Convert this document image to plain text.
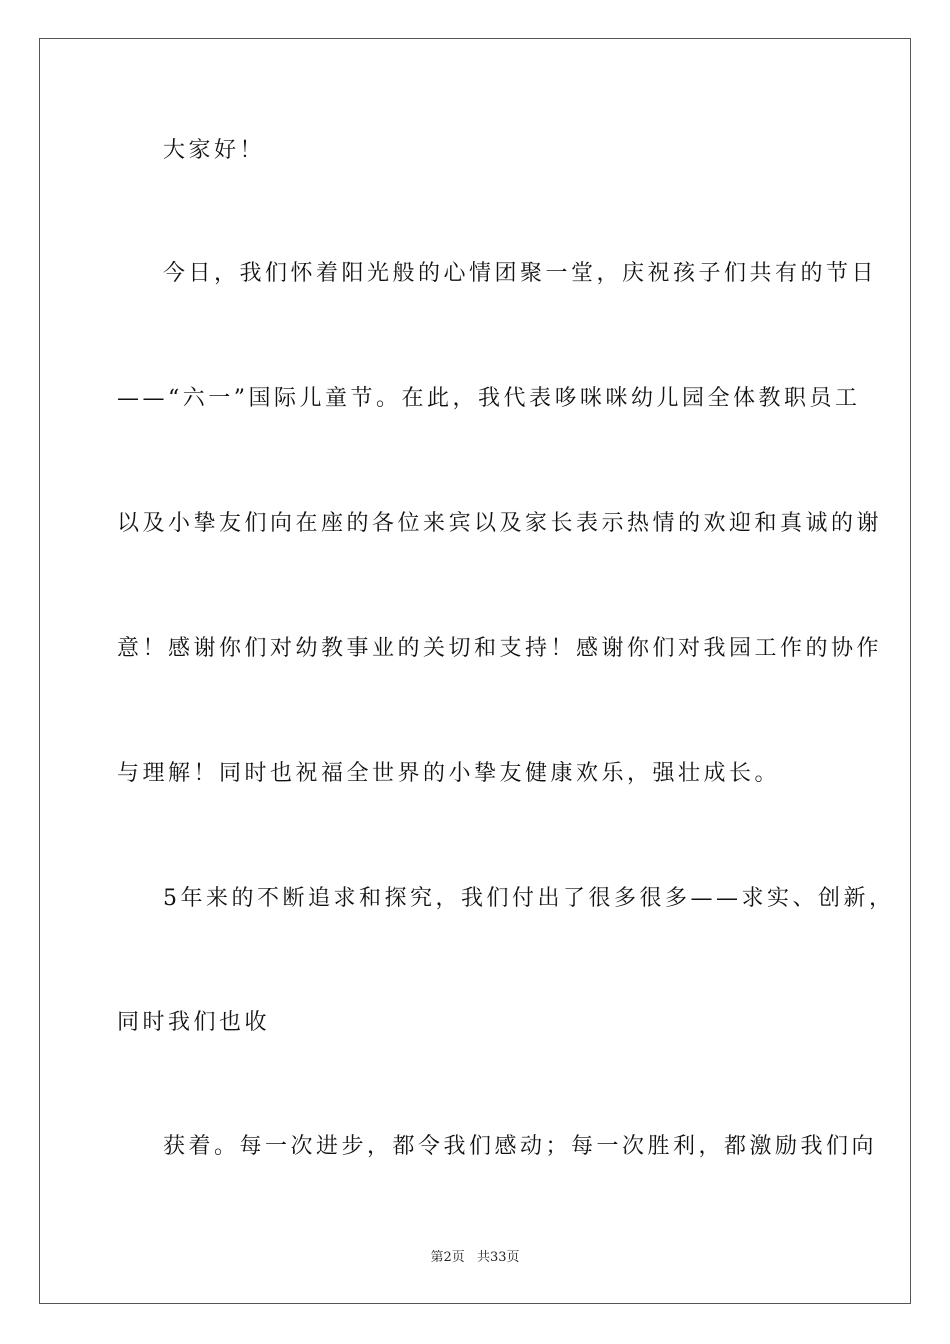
大家好！
今日，我们怀着阳光般的心情团聚一堂，庆祝孩子们共有的节日
——“六一”国际儿童节。在此，我代表哆咪咪幼儿园全体教职员工
以及小挚友们向在座的各位来宾以及家长表示热情的欢迎和真诚的谢
意！感谢你们对幼教事业的关切和支持！感谢你们对我园工作的协作
与理解！同时也祝福全世界的小挚友健康欢乐，强壮成长。
5年来的不断追求和探究，我们付出了很多很多——求实、创新，
同时我们也收
获着。每一次进步，都令我们感动；每一次胜利，都激励我们向
第2页 共33页
